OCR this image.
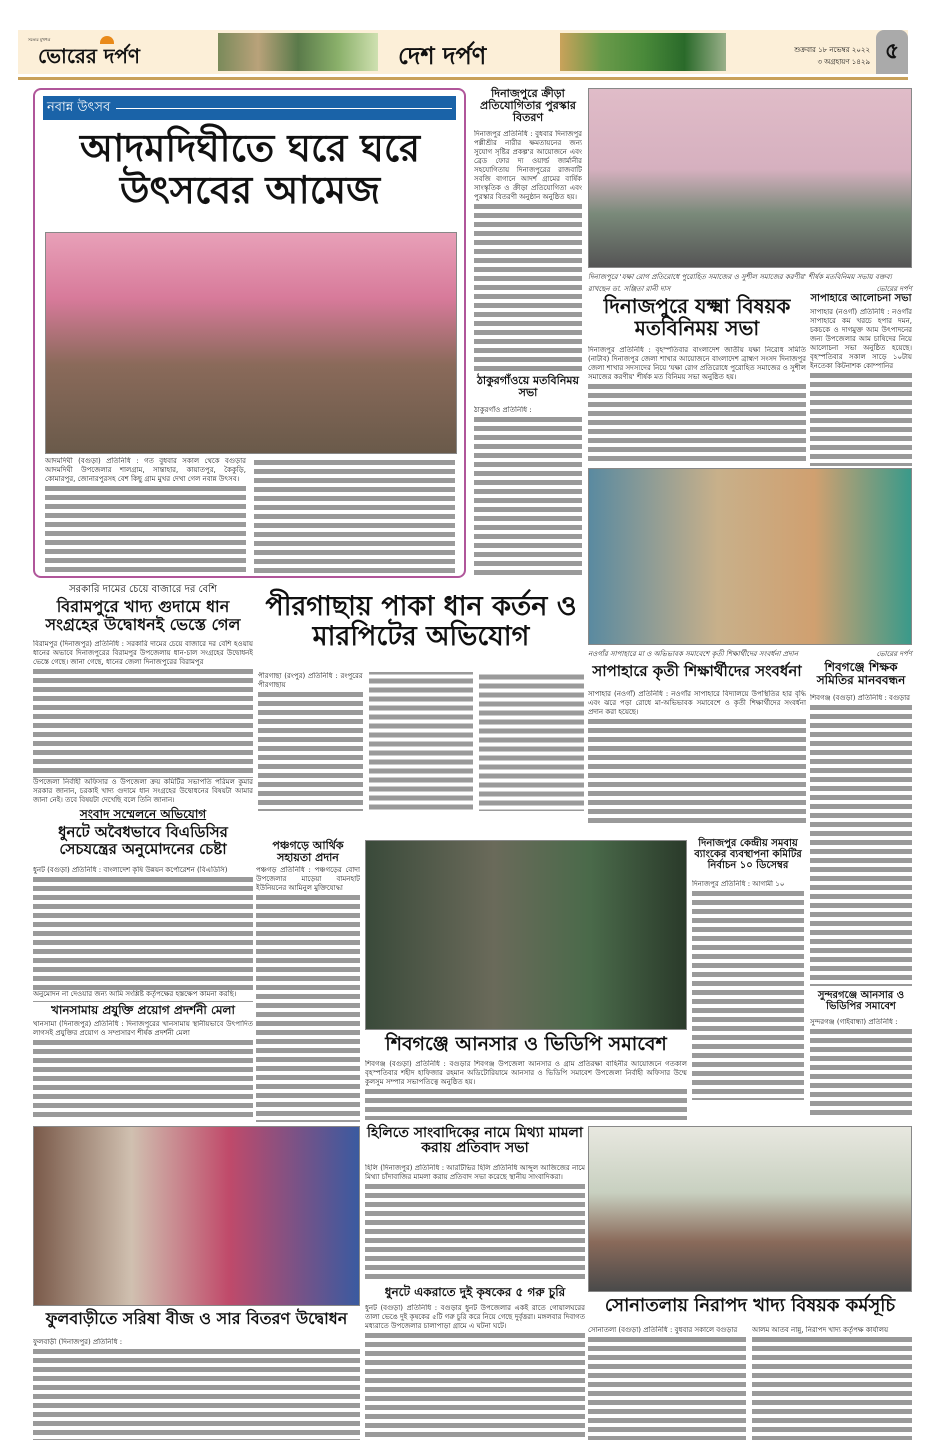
সত্যের মুখপত্র
ভোরের দর্পণ	দেশ দর্পণ	শুক্রবার ১৮ নভেম্বর ২০২২
৩ অগ্রহায়ণ ১৪২৯ ৫
নবান্ন উৎসব
আদমদিঘীতে ঘরে ঘরে উৎসবের আমেজ
আদমদিঘী (বগুড়া) প্রতিনিধি : গত বুধবার সকাল থেকে বগুড়ার আদমদিঘী উপজেলার শালগ্রাম, সান্তাহার, কায়াতপুর, কৈকুড়ি, কোমারপুর, জোনারপুরসহ বেশ কিছু গ্রাম মুখর দেখা গেল নবান্ন উৎসব।
দিনাজপুরে ক্রীড়া প্রতিযোগিতার পুরস্কার বিতরণ
দিনাজপুর প্রতিনিধি : বুধবার দিনাজপুর পল্লীশ্রীর নারীর ক্ষমতায়নের জন্য সুযোগ সৃষ্টির প্রকল্প'র আয়োজনে এবং ব্রেড ফোর দ্য ওয়ার্ল্ড জার্মানীর সহযোগিতায় দিনাজপুরের রাজবাটি সবজি বাগানে আদর্শ গ্রামের বার্ষিক সাংস্কৃতিক ও ক্রীড়া প্রতিযোগিতা এবং পুরস্কার বিতরণী অনুষ্ঠান অনুষ্ঠিত হয়।
ঠাকুরগাঁওয়ে মতবিনিময় সভা
ঠাকুরগাঁও প্রতিনিধি :
দিনাজপুরে 'যক্ষা রোগ প্রতিরোধে পুরোহিত সমাজের ও সুশীল সমাজের করণীয়' শীর্ষক মতবিনিময় সভায় বক্তব্য রাখছেন ডা. সঞ্জিতা রানী দাস	ভোরের দর্পণ
দিনাজপুরে যক্ষ্মা বিষয়ক মতবিনিময় সভা
দিনাজপুর প্রতিনিধি : বৃহস্পতিবার বাংলাদেশ জাতীয় যক্ষা নিরোধ সমিতি (নাটাব) দিনাজপুর জেলা শাখার আয়োজনে বাংলাদেশ ব্রাহ্মণ সংসদ দিনাজপুর জেলা শাখার সদস্যদের নিয়ে 'যক্ষা রোগ প্রতিরোধে পুরোহিত সমাজের ও সুশীল সমাজের করণীয়' শীর্ষক মত বিনিময় সভা অনুষ্ঠিত হয়।
সাপাহারে আলোচনা সভা
সাপাহার (নওগাঁ) প্রতিনিধি : নওগাঁর সাপাহারে কম খরচে হপার দমন, চকচকে ও দাগমুক্ত আম উৎপাদনের জন্য উপজেলার আম চাষিদের নিয়ে আলোচনা সভা অনুষ্ঠিত হয়েছে। বৃহস্পতিবার সকাল সাড়ে ১০টায় ইনতেকা কিটনাশক কোম্পানির
নওগাঁর সাপাহারে মা ও অভিভাবক সমাবেশে কৃতী শিক্ষার্থীদের সংবর্ধনা প্রদান	ভোরের দর্পণ
সাপাহারে কৃতী শিক্ষার্থীদের সংবর্ধনা
সাপাহার (নওগাঁ) প্রতিনিধি : নওগাঁর সাপাহারে বিদ্যালয়ে উপস্থিতির হার বৃদ্ধি এবং ঝরে পড়া রোধে মা-অভিভাবক সমাবেশে ও কৃতী শিক্ষার্থীদের সংবর্ধনা প্রদান করা হয়েছে।
শিবগঞ্জে শিক্ষক সমিতির মানববন্ধন
শিবগঞ্জ (বগুড়া) প্রতিনিধি : বগুড়ার
সরকারি দামের চেয়ে বাজারে দর বেশি
বিরামপুরে খাদ্য গুদামে ধান সংগ্রহের উদ্বোধনই ভেস্তে গেল
বিরামপুর (দিনাজপুর) প্রতিনিধি : সরকারি দামের চেয়ে বাজারে দর বেশি হওয়ায় ধানের অভাবে দিনাজপুরের বিরামপুর উপজেলায় ধান-চাল সংগ্রহের উদ্বোধনই ভেস্তে গেছে। জানা গেছে, ধানের জেলা দিনাজপুরের বিরামপুর
উপজেলা নির্বাহী অফিসার ও উপজেলা ক্রয় কমিটির সভাপতি পরিমল কুমার সরকার জানান, চরকাই খাদ্য গুদামে ধান সংগ্রহের উদ্বোধনের বিষয়টা আমার জানা নেই। তবে বিষয়টা দেখেছি বলে তিনি জানান।
পীরগাছায় পাকা ধান কর্তন ও মারপিটের অভিযোগ
পীরগাছা (রংপুর) প্রতিনিধি : রংপুরের পীরগাছায়
সংবাদ সম্মেলনে অভিযোগ
ধুনটে অবৈধভাবে বিএডিসির সেচযন্ত্রের অনুমোদনের চেষ্টা
ধুনট (বগুড়া) প্রতিনিধি : বাংলাদেশ কৃষি উন্নয়ন কর্পোরেশন (বিএডিসি)
অনুমোদন না দেওয়ার জন্য আমি সংশ্লিষ্ট কর্তৃপক্ষের হস্তক্ষেপ কামনা করছি।
পঞ্চগড়ে আর্থিক সহায়তা প্রদান
পঞ্চগড় প্রতিনিধি : পঞ্চগড়ের বোদা উপজেলার মাড়েয়া বামনহাট ইউনিয়নের আমিনুল মুক্তিযোদ্ধা
খানসামায় প্রযুক্তি প্রয়োগ প্রদর্শনী মেলা
খানসামা (দিনাজপুর) প্রতিনিধি : দিনাজপুরের খানসামায় স্থানীয়ভাবে উৎপাদিত লাগসই প্রযুক্তির প্রয়োগ ও সম্প্রসারণ শীর্ষক প্রদর্শনী মেলা	শিবগঞ্জে আনসার ও ভিডিপি সমাবেশ
শিবগঞ্জ (বগুড়া) প্রতিনিধি : বগুড়ার শিবগঞ্জ উপজেলা আনসার ও গ্রাম প্রতিরক্ষা বাহিনীর আয়োজনে গতকাল বৃহস্পতিবার শহীদ হাফিজার রহমান অডিটোরিয়ামে আনসার ও ভিডিপি সমাবেশ উপজেলা নির্বাহী অফিসার উম্মে কুলসুম সম্পার সভাপতিত্বে অনুষ্ঠিত হয়।
দিনাজপুর কেন্দ্রীয় সমবায় ব্যাংকের ব্যবস্থাপনা কমিটির নির্বাচন ১০ ডিসেম্বর
দিনাজপুর প্রতিনিধি : আগামী ১০
সুন্দরগঞ্জে আনসার ও ভিডিপির সমাবেশ
সুন্দরগঞ্জ (গাইবান্ধা) প্রতিনিধি :
ফুলবাড়ীতে সরিষা বীজ ও সার বিতরণ উদ্বোধন
ফুলবাড়ী (দিনাজপুর) প্রতিনিধি :
হিলিতে সাংবাদিকের নামে মিথ্যা মামলা করায় প্রতিবাদ সভা
হিলি (দিনাজপুর) প্রতিনিধি : আরটিভির হিলি প্রতিনিধি আব্দুল আজিজের নামে মিথ্যা চাঁদাবাজির মামলা করায় প্রতিবাদ সভা করেছে স্থানীয় সাংবাদিকরা।
ধুনটে একরাতে দুই কৃষকের ৫ গরু চুরি
ধুনট (বগুড়া) প্রতিনিধি : বগুড়ার ধুনট উপজেলার একই রাতে গোয়ালঘরের তালা ভেঙে দুই কৃষকের ৫টি গরু চুরি করে নিয়ে গেছে দুর্বৃত্তরা। মঙ্গলবার দিবাগত মধ্যরাতে উপজেলার চালাপাড়া গ্রামে এ ঘটনা ঘটে।
সোনাতলায় নিরাপদ খাদ্য বিষয়ক কর্মসূচি
সোনাতলা (বগুড়া) প্রতিনিধি : বুধবার সকালে বগুড়ার	আলম আতব নান্নু, নিরাপদ খাদ্য কর্তৃপক্ষ কার্যালয়
